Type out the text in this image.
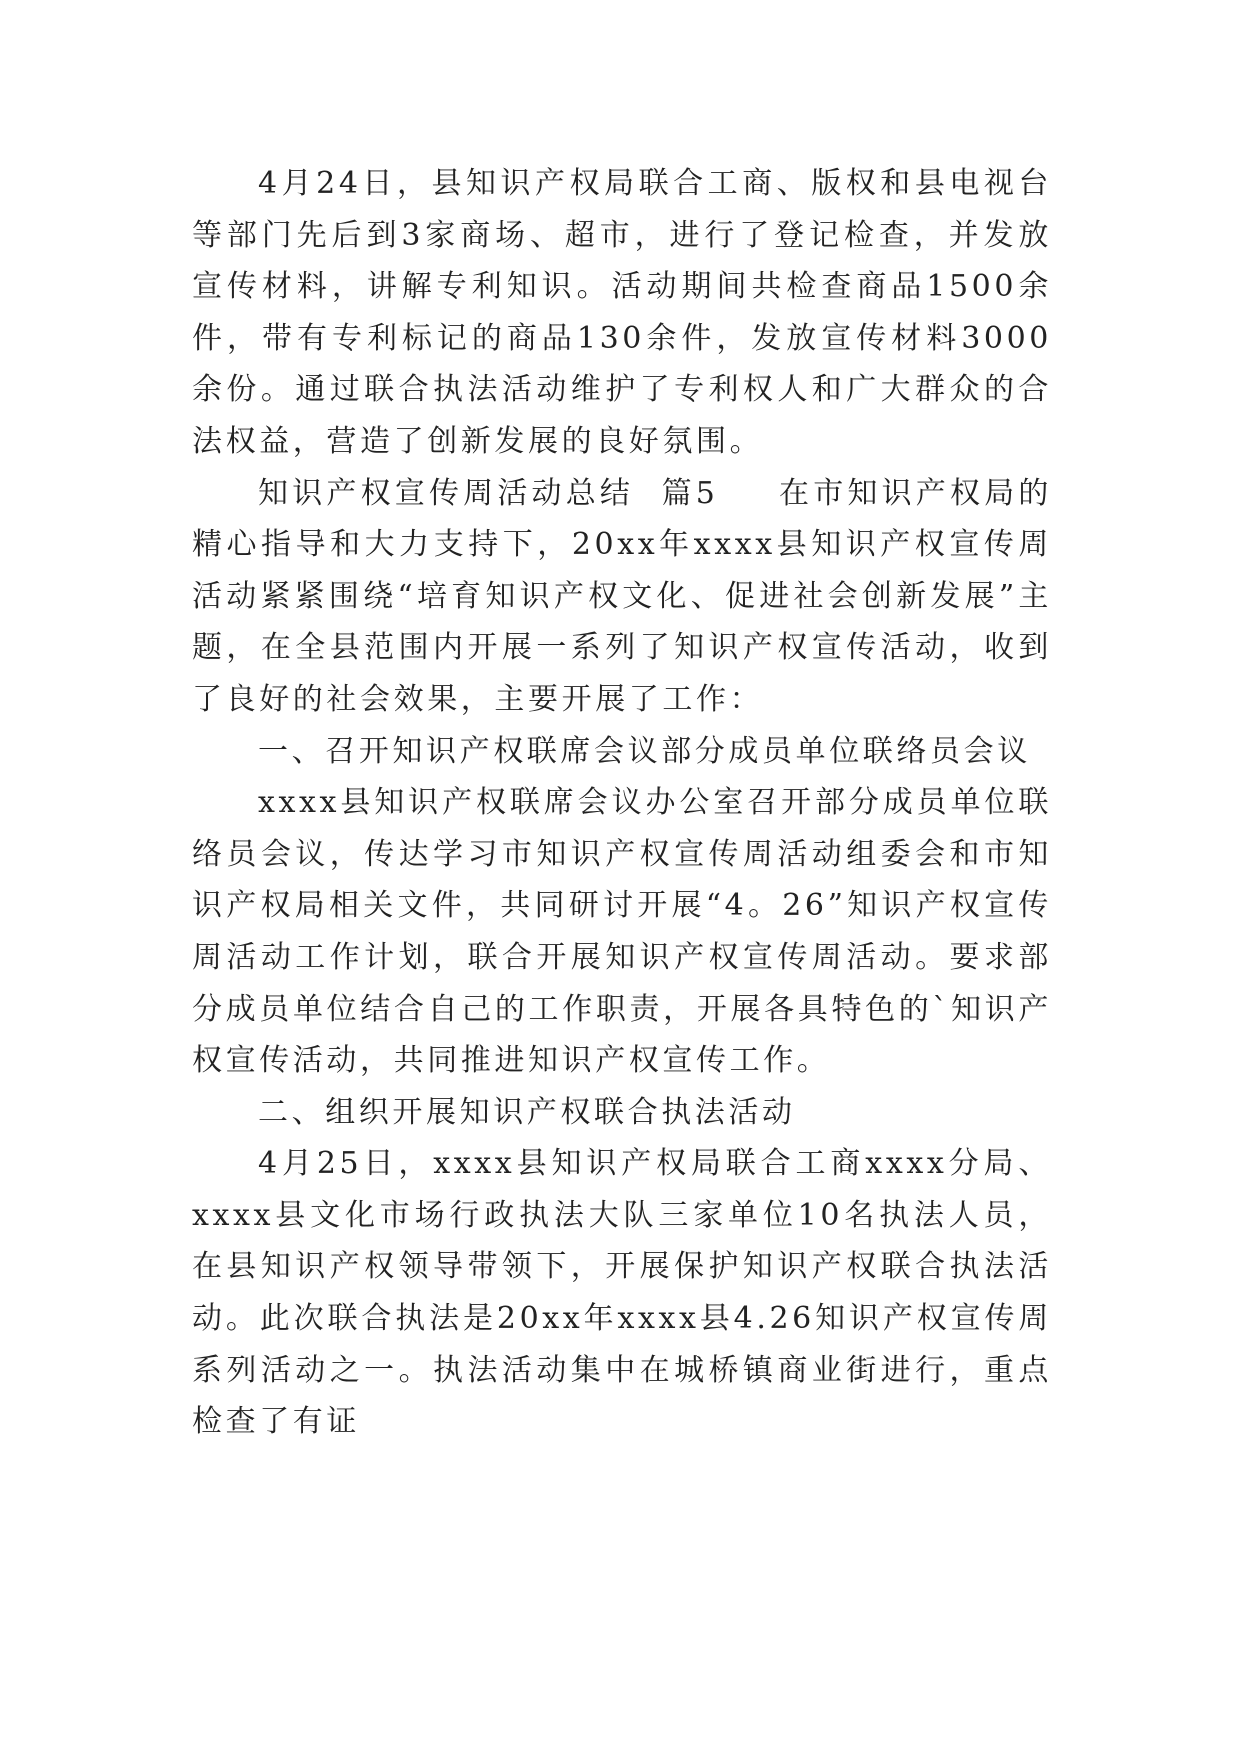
4月24日，县知识产权局联合工商、版权和县电视台等部门先后到3家商场、超市，进行了登记检查，并发放宣传材料，讲解专利知识。活动期间共检查商品1500余件，带有专利标记的商品130余件，发放宣传材料3000余份。通过联合执法活动维护了专利权人和广大群众的合法权益，营造了创新发展的良好氛围。

知识产权宣传周活动总结  篇5 在市知识产权局的精心指导和大力支持下，20xx年xxxx县知识产权宣传周活动紧紧围绕“培育知识产权文化、促进社会创新发展”主题，在全县范围内开展一系列了知识产权宣传活动，收到了良好的社会效果，主要开展了工作：

一、召开知识产权联席会议部分成员单位联络员会议

xxxx县知识产权联席会议办公室召开部分成员单位联络员会议，传达学习市知识产权宣传周活动组委会和市知识产权局相关文件，共同研讨开展“4。26”知识产权宣传周活动工作计划，联合开展知识产权宣传周活动。要求部分成员单位结合自己的工作职责，开展各具特色的`知识产权宣传活动，共同推进知识产权宣传工作。

二、组织开展知识产权联合执法活动

4月25日，xxxx县知识产权局联合工商xxxx分局、xxxx县文化市场行政执法大队三家单位10名执法人员，在县知识产权领导带领下，开展保护知识产权联合执法活动。此次联合执法是20xx年xxxx县4.26知识产权宣传周系列活动之一。执法活动集中在城桥镇商业街进行，重点检查了有证
